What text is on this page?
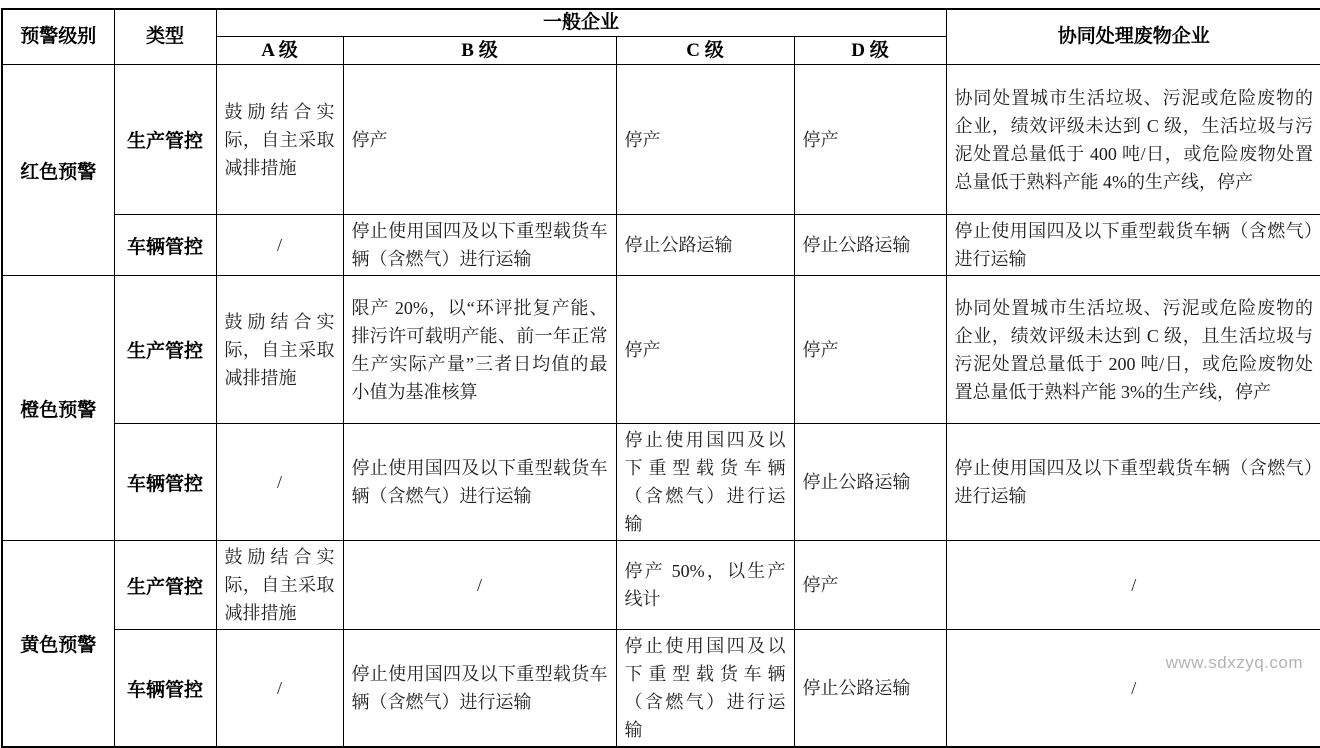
预警级别	类型	一般企业				协同处理废物企业
		A 级	B 级	C 级	D 级	
红色预警	生产管控	鼓励结合实际，自主采取减排措施	停产	停产	停产	协同处置城市生活垃圾、污泥或危险废物的企业，绩效评级未达到 C 级，生活垃圾与污泥处置总量低于 400 吨/日，或危险废物处置总量低于熟料产能 4%的生产线，停产
	车辆管控	/	停止使用国四及以下重型载货车辆（含燃气）进行运输	停止公路运输	停止公路运输	停止使用国四及以下重型载货车辆（含燃气）进行运输
橙色预警	生产管控	鼓励结合实际，自主采取减排措施	限产 20%，以“环评批复产能、排污许可载明产能、前一年正常生产实际产量”三者日均值的最小值为基准核算	停产	停产	协同处置城市生活垃圾、污泥或危险废物的企业，绩效评级未达到 C 级，且生活垃圾与污泥处置总量低于 200 吨/日，或危险废物处置总量低于熟料产能 3%的生产线，停产
	车辆管控	/	停止使用国四及以下重型载货车辆（含燃气）进行运输	停止使用国四及以下重型载货车辆（含燃气）进行运输	停止公路运输	停止使用国四及以下重型载货车辆（含燃气）进行运输
黄色预警	生产管控	鼓励结合实际，自主采取减排措施	/	停产 50%，以生产线计	停产	/
	车辆管控	/	停止使用国四及以下重型载货车辆（含燃气）进行运输	停止使用国四及以下重型载货车辆（含燃气）进行运输	停止公路运输	/
www.sdxzyq.com
